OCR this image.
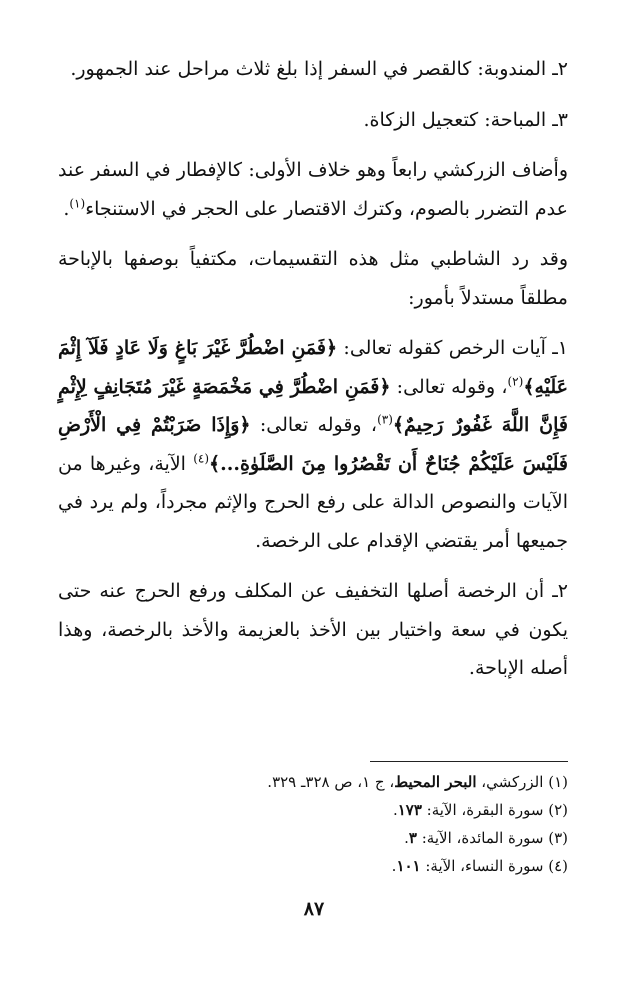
٢ـ المندوبة: كالقصر في السفر إذا بلغ ثلاث مراحل عند الجمهور.

٣ـ المباحة: كتعجيل الزكاة.

وأضاف الزركشي رابعاً وهو خلاف الأولى: كالإفطار في السفر عند عدم التضرر بالصوم، وكترك الاقتصار على الحجر في الاستنجاء$^{(١)}$.

وقد رد الشاطبي مثل هذه التقسيمات، مكتفياً بوصفها بالإباحة مطلقاً مستدلاً بأمور:

١ـ آيات الرخص كقوله تعالى: ﴿فَمَنِ اضْطُرَّ غَيْرَ بَاغٍ وَلَا عَادٍ فَلَآ إِثْمَ عَلَيْهِ﴾$^{(٢)}$، وقوله تعالى: ﴿فَمَنِ اضْطُرَّ فِي مَخْمَصَةٍ غَيْرَ مُتَجَانِفٍ لِإِثْمٍ فَإِنَّ اللَّهَ غَفُورٌ رَحِيمٌ﴾$^{(٣)}$، وقوله تعالى: ﴿وَإِذَا ضَرَبْتُمْ فِي الْأَرْضِ فَلَيْسَ عَلَيْكُمْ جُنَاحٌ أَن تَقْصُرُوا مِنَ الصَّلَوٰةِ...﴾$^{(٤)}$ الآية، وغيرها من الآيات والنصوص الدالة على رفع الحرج والإثم مجرداً، ولم يرد في جميعها أمر يقتضي الإقدام على الرخصة.

٢ـ أن الرخصة أصلها التخفيف عن المكلف ورفع الحرج عنه حتى يكون في سعة واختيار بين الأخذ بالعزيمة والأخذ بالرخصة، وهذا أصله الإباحة.

(١) الزركشي، البحر المحيط، ج ١، ص ٣٢٨ـ ٣٢٩.

(٢) سورة البقرة، الآية: ١٧٣.

(٣) سورة المائدة، الآية: ٣.

(٤) سورة النساء، الآية: ١٠١.

٨٧
